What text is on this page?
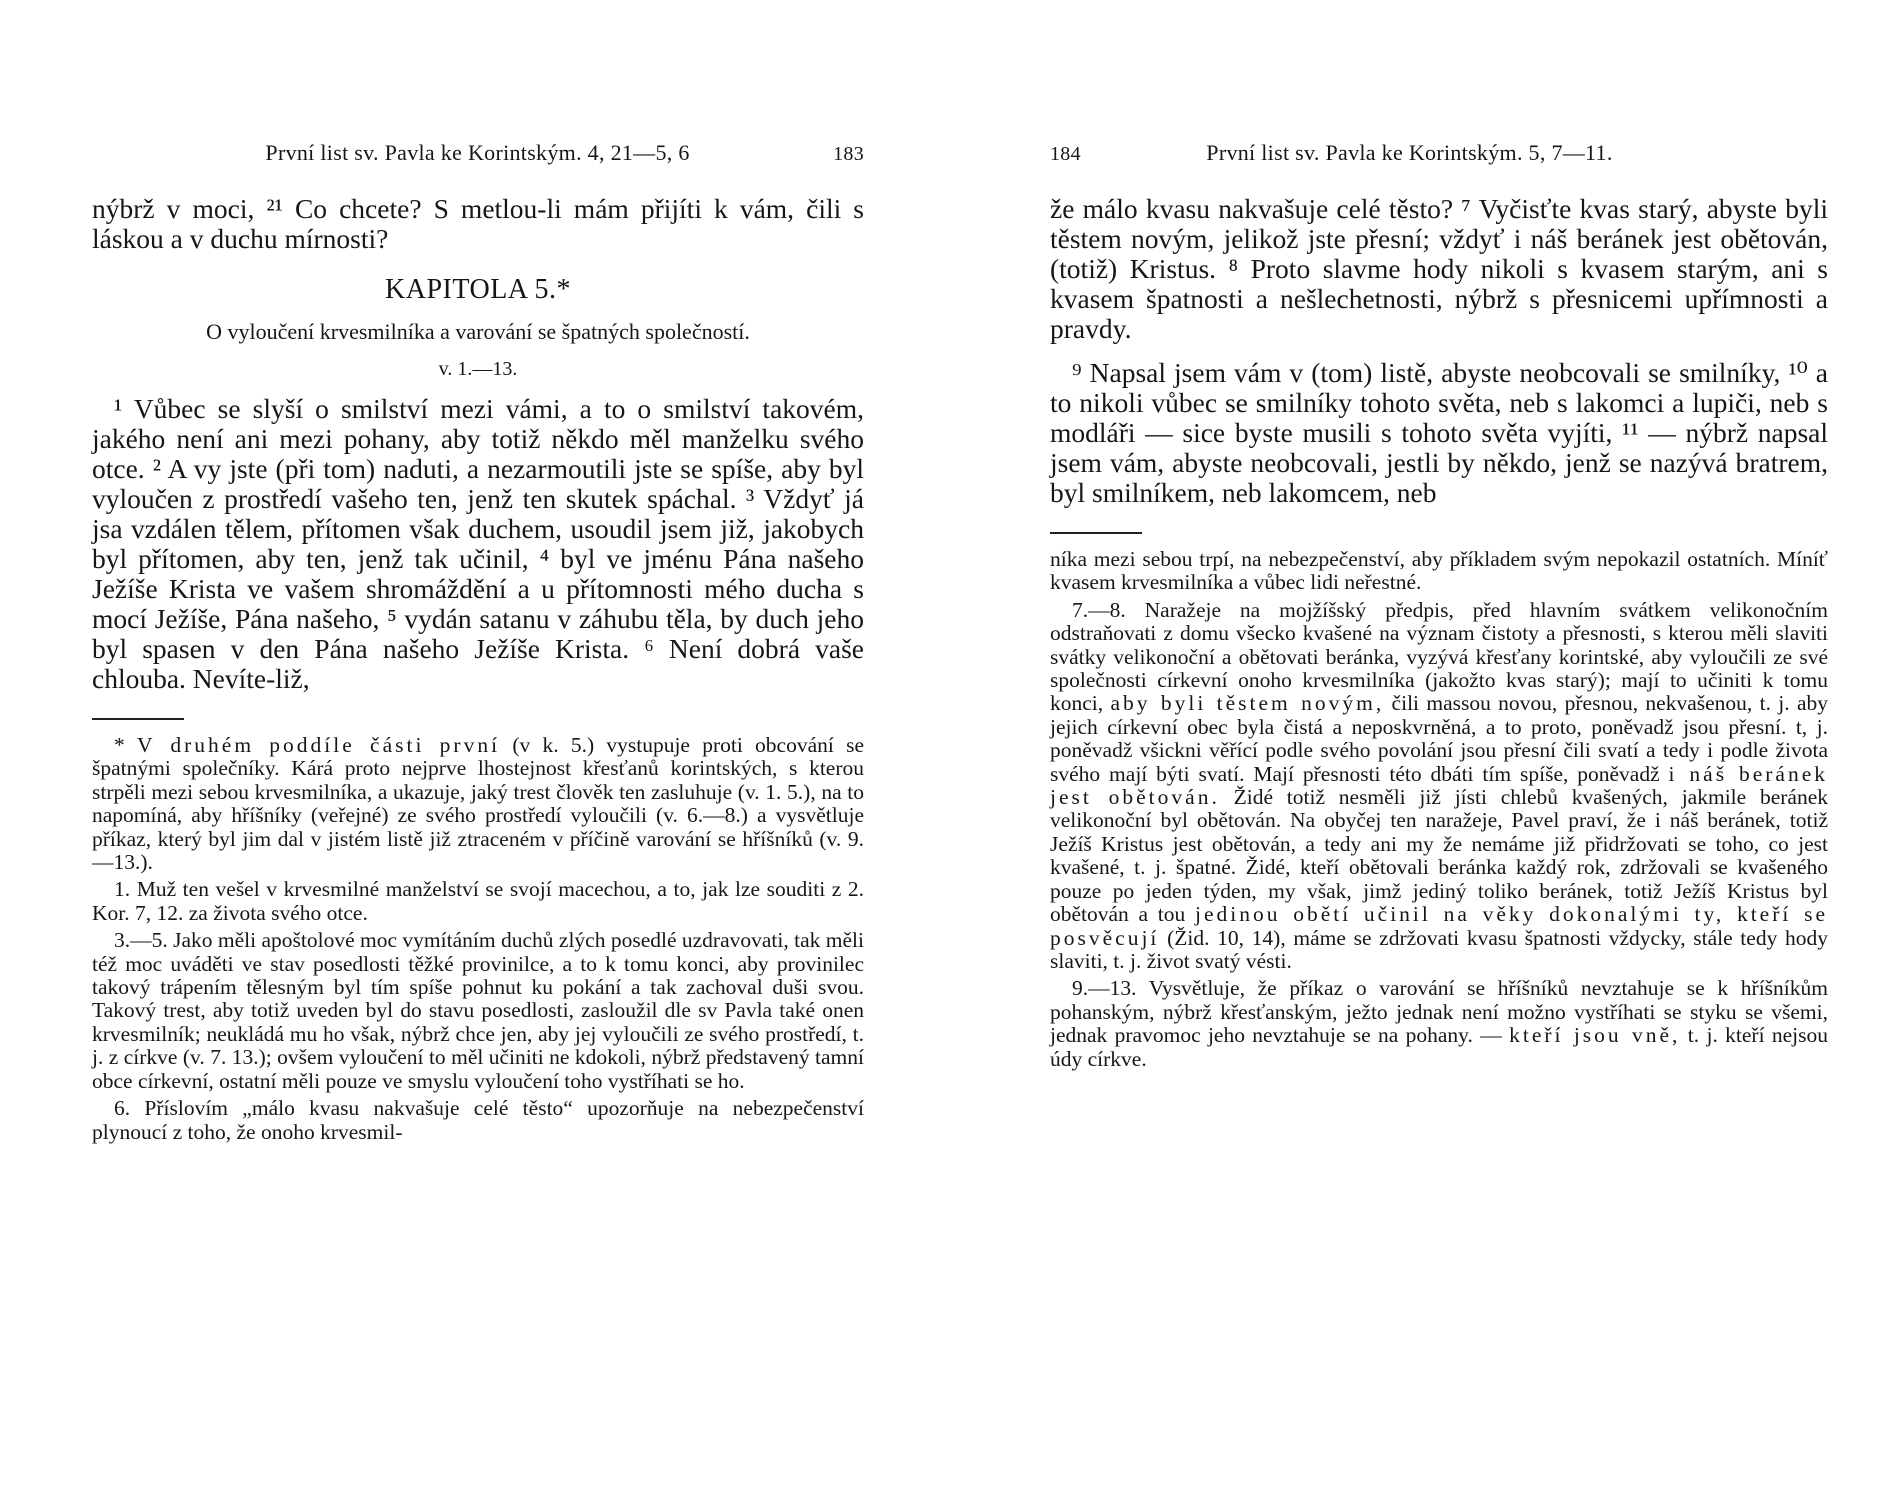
První list sv. Pavla ke Korintským. 4, 21—5, 6	183

nýbrž v moci, ²¹ Co chcete? S metlou-li mám přijíti k vám, čili s láskou a v duchu mírnosti?

KAPITOLA 5.*
O vyloučení krvesmilníka a varování se špatných společností.
v. 1.—13.

¹ Vůbec se slyší o smilství mezi vámi, a to o smilství takovém, jakého není ani mezi pohany, aby totiž někdo měl manželku svého otce. ² A vy jste (při tom) naduti, a nezarmoutili jste se spíše, aby byl vyloučen z prostředí vašeho ten, jenž ten skutek spáchal. ³ Vždyť já jsa vzdálen tělem, přítomen však duchem, usoudil jsem již, jakobych byl přítomen, aby ten, jenž tak učinil, ⁴ byl ve jménu Pána našeho Ježíše Krista ve vašem shromáždění a u přítomnosti mého ducha s mocí Ježíše, Pána našeho, ⁵ vydán satanu v záhubu těla, by duch jeho byl spasen v den Pána našeho Ježíše Krista. ⁶ Není dobrá vaše chlouba. Nevíte-liž,

* V druhém poddíle části první (v k. 5.) vystupuje proti obcování se špatnými společníky. Kárá proto nejprve lhostejnost křesťanů korintských, s kterou strpěli mezi sebou krvesmilníka, a ukazuje, jaký trest člověk ten zasluhuje (v. 1. 5.), na to napomíná, aby hříšníky (veřejné) ze svého prostředí vyloučili (v. 6.—8.) a vysvětluje příkaz, který byl jim dal v jistém listě již ztraceném v příčině varování se hříšníků (v. 9.—13.).

1. Muž ten vešel v krvesmilné manželství se svojí macechou, a to, jak lze souditi z 2. Kor. 7, 12. za života svého otce.

3.—5. Jako měli apoštolové moc vymítáním duchů zlých posedlé uzdravovati, tak měli též moc uváděti ve stav posedlosti těžké provinilce, a to k tomu konci, aby provinilec takový trápením tělesným byl tím spíše pohnut ku pokání a tak zachoval duši svou. Takový trest, aby totiž uveden byl do stavu posedlosti, zasloužil dle sv Pavla také onen krvesmilník; neukládá mu ho však, nýbrž chce jen, aby jej vyloučili ze svého prostředí, t. j. z církve (v. 7. 13.); ovšem vyloučení to měl učiniti ne kdokoli, nýbrž představený tamní obce církevní, ostatní měli pouze ve smyslu vyloučení toho vystříhati se ho.

6. Příslovím „málo kvasu nakvašuje celé těsto“ upozorňuje na nebezpečenství plynoucí z toho, že onoho krvesmil-

184	První list sv. Pavla ke Korintským. 5, 7—11.

že málo kvasu nakvašuje celé těsto? ⁷ Vyčisťte kvas starý, abyste byli těstem novým, jelikož jste přesní; vždyť i náš beránek jest obětován, (totiž) Kristus. ⁸ Proto slavme hody nikoli s kvasem starým, ani s kvasem špatnosti a nešlechetnosti, nýbrž s přesnicemi upřímnosti a pravdy.

⁹ Napsal jsem vám v (tom) listě, abyste neobcovali se smilníky, ¹⁰ a to nikoli vůbec se smilníky tohoto světa, neb s lakomci a lupiči, neb s modláři — sice byste musili s tohoto světa vyjíti, ¹¹ — nýbrž napsal jsem vám, abyste neobcovali, jestli by někdo, jenž se nazývá bratrem, byl smilníkem, neb lakomcem, neb

níka mezi sebou trpí, na nebezpečenství, aby příkladem svým nepokazil ostatních. Míníť kvasem krvesmilníka a vůbec lidi neřestné.

7.—8. Naražeje na mojžíšský předpis, před hlavním svátkem velikonočním odstraňovati z domu všecko kvašené na význam čistoty a přesnosti, s kterou měli slaviti svátky velikonoční a obětovati beránka, vyzývá křesťany korintské, aby vyloučili ze své společnosti církevní onoho krvesmilníka (jakožto kvas starý); mají to učiniti k tomu konci, aby byli těstem novým, čili massou novou, přesnou, nekvašenou, t. j. aby jejich církevní obec byla čistá a neposkvrněná, a to proto, poněvadž jsou přesní. t, j. poněvadž všickni věřící podle svého povolání jsou přesní čili svatí a tedy i podle života svého mají býti svatí. Mají přesnosti této dbáti tím spíše, poněvadž i náš beránek jest obětován. Židé totiž nesměli již jísti chlebů kvašených, jakmile beránek velikonoční byl obětován. Na obyčej ten naražeje, Pavel praví, že i náš beránek, totiž Ježíš Kristus jest obětován, a tedy ani my že nemáme již přidržovati se toho, co jest kvašené, t. j. špatné. Židé, kteří obětovali beránka každý rok, zdržovali se kvašeného pouze po jeden týden, my však, jimž jediný toliko beránek, totiž Ježíš Kristus byl obětován a tou jedinou obětí učinil na věky dokonalými ty, kteří se posvěcují (Žid. 10, 14), máme se zdržovati kvasu špatnosti vždycky, stále tedy hody slaviti, t. j. život svatý vésti.

9.—13. Vysvětluje, že příkaz o varování se hříšníků nevztahuje se k hříšníkům pohanským, nýbrž křesťanským, ježto jednak není možno vystříhati se styku se všemi, jednak pravomoc jeho nevztahuje se na pohany. — kteří jsou vně, t. j. kteří nejsou údy církve.
